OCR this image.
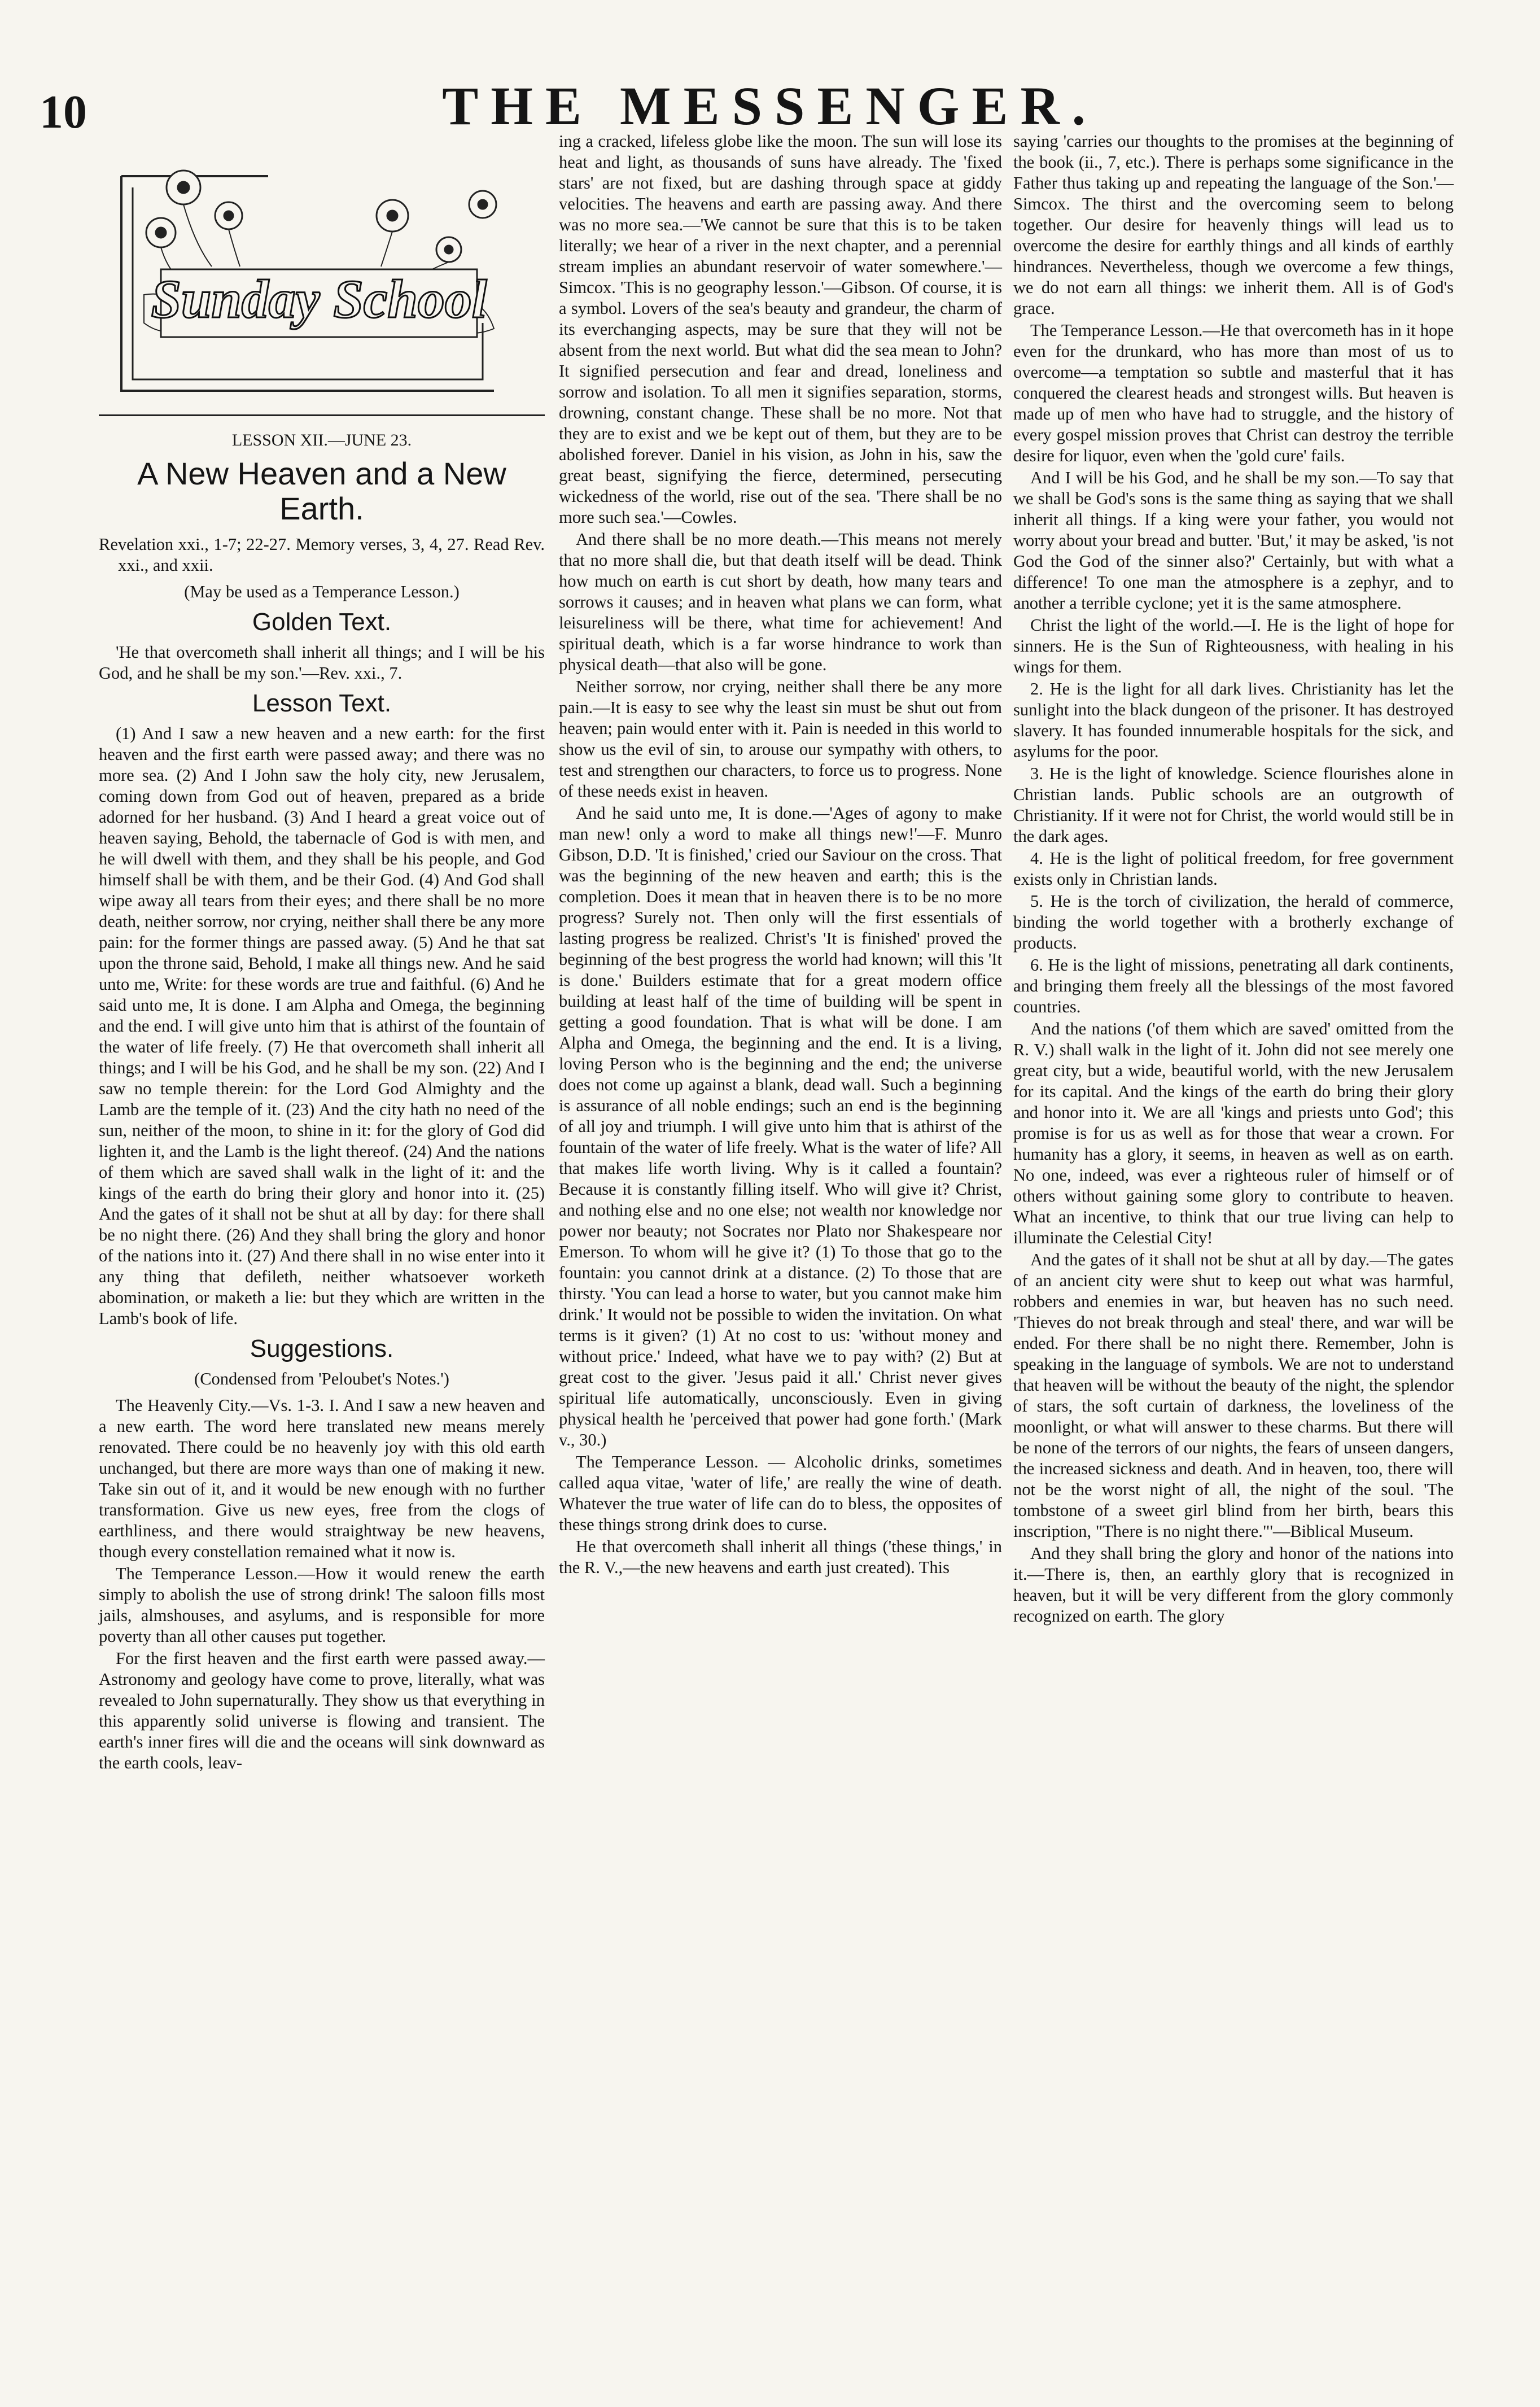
10	THE MESSENGER.
Sunday School
LESSON XII.—JUNE 23.
A New Heaven and a New Earth.
Revelation xxi., 1-7; 22-27. Memory verses, 3, 4, 27. Read Rev. xxi., and xxii.
(May be used as a Temperance Lesson.)
Golden Text.

'He that overcometh shall inherit all things; and I will be his God, and he shall be my son.'—Rev. xxi., 7.

Lesson Text.

(1) And I saw a new heaven and a new earth: for the first heaven and the first earth were passed away; and there was no more sea. (2) And I John saw the holy city, new Jerusalem, coming down from God out of heaven, prepared as a bride adorned for her husband. (3) And I heard a great voice out of heaven saying, Behold, the tabernacle of God is with men, and he will dwell with them, and they shall be his people, and God himself shall be with them, and be their God. (4) And God shall wipe away all tears from their eyes; and there shall be no more death, neither sorrow, nor crying, neither shall there be any more pain: for the former things are passed away. (5) And he that sat upon the throne said, Behold, I make all things new. And he said unto me, Write: for these words are true and faithful. (6) And he said unto me, It is done. I am Alpha and Omega, the beginning and the end. I will give unto him that is athirst of the fountain of the water of life freely. (7) He that overcometh shall inherit all things; and I will be his God, and he shall be my son. (22) And I saw no temple therein: for the Lord God Almighty and the Lamb are the temple of it. (23) And the city hath no need of the sun, neither of the moon, to shine in it: for the glory of God did lighten it, and the Lamb is the light thereof. (24) And the nations of them which are saved shall walk in the light of it: and the kings of the earth do bring their glory and honor into it. (25) And the gates of it shall not be shut at all by day: for there shall be no night there. (26) And they shall bring the glory and honor of the nations into it. (27) And there shall in no wise enter into it any thing that defileth, neither whatsoever worketh abomination, or maketh a lie: but they which are written in the Lamb's book of life.

Suggestions.
(Condensed from 'Peloubet's Notes.')

The Heavenly City.—Vs. 1-3. I. And I saw a new heaven and a new earth. The word here translated new means merely renovated. There could be no heavenly joy with this old earth unchanged, but there are more ways than one of making it new. Take sin out of it, and it would be new enough with no further transformation. Give us new eyes, free from the clogs of earthliness, and there would straightway be new heavens, though every constellation remained what it now is.

The Temperance Lesson.—How it would renew the earth simply to abolish the use of strong drink! The saloon fills most jails, almshouses, and asylums, and is responsible for more poverty than all other causes put together.

For the first heaven and the first earth were passed away.—Astronomy and geology have come to prove, literally, what was revealed to John supernaturally. They show us that everything in this apparently solid universe is flowing and transient. The earth's inner fires will die and the oceans will sink downward as the earth cools, leav-

ing a cracked, lifeless globe like the moon. The sun will lose its heat and light, as thousands of suns have already. The 'fixed stars' are not fixed, but are dashing through space at giddy velocities. The heavens and earth are passing away. And there was no more sea.—'We cannot be sure that this is to be taken literally; we hear of a river in the next chapter, and a perennial stream implies an abundant reservoir of water somewhere.'—Simcox. 'This is no geography lesson.'—Gibson. Of course, it is a symbol. Lovers of the sea's beauty and grandeur, the charm of its everchanging aspects, may be sure that they will not be absent from the next world. But what did the sea mean to John? It signified persecution and fear and dread, loneliness and sorrow and isolation. To all men it signifies separation, storms, drowning, constant change. These shall be no more. Not that they are to exist and we be kept out of them, but they are to be abolished forever. Daniel in his vision, as John in his, saw the great beast, signifying the fierce, determined, persecuting wickedness of the world, rise out of the sea. 'There shall be no more such sea.'—Cowles.

And there shall be no more death.—This means not merely that no more shall die, but that death itself will be dead. Think how much on earth is cut short by death, how many tears and sorrows it causes; and in heaven what plans we can form, what leisureliness will be there, what time for achievement! And spiritual death, which is a far worse hindrance to work than physical death—that also will be gone.

Neither sorrow, nor crying, neither shall there be any more pain.—It is easy to see why the least sin must be shut out from heaven; pain would enter with it. Pain is needed in this world to show us the evil of sin, to arouse our sympathy with others, to test and strengthen our characters, to force us to progress. None of these needs exist in heaven.

And he said unto me, It is done.—'Ages of agony to make man new! only a word to make all things new!'—F. Munro Gibson, D.D. 'It is finished,' cried our Saviour on the cross. That was the beginning of the new heaven and earth; this is the completion. Does it mean that in heaven there is to be no more progress? Surely not. Then only will the first essentials of lasting progress be realized. Christ's 'It is finished' proved the beginning of the best progress the world had known; will this 'It is done.' Builders estimate that for a great modern office building at least half of the time of building will be spent in getting a good foundation. That is what will be done. I am Alpha and Omega, the beginning and the end. It is a living, loving Person who is the beginning and the end; the universe does not come up against a blank, dead wall. Such a beginning is assurance of all noble endings; such an end is the beginning of all joy and triumph. I will give unto him that is athirst of the fountain of the water of life freely. What is the water of life? All that makes life worth living. Why is it called a fountain? Because it is constantly filling itself. Who will give it? Christ, and nothing else and no one else; not wealth nor knowledge nor power nor beauty; not Socrates nor Plato nor Shakespeare nor Emerson. To whom will he give it? (1) To those that go to the fountain: you cannot drink at a distance. (2) To those that are thirsty. 'You can lead a horse to water, but you cannot make him drink.' It would not be possible to widen the invitation. On what terms is it given? (1) At no cost to us: 'without money and without price.' Indeed, what have we to pay with? (2) But at great cost to the giver. 'Jesus paid it all.' Christ never gives spiritual life automatically, unconsciously. Even in giving physical health he 'perceived that power had gone forth.' (Mark v., 30.)

The Temperance Lesson. — Alcoholic drinks, sometimes called aqua vitae, 'water of life,' are really the wine of death. Whatever the true water of life can do to bless, the opposites of these things strong drink does to curse.

He that overcometh shall inherit all things ('these things,' in the R. V.,—the new heavens and earth just created). This

saying 'carries our thoughts to the promises at the beginning of the book (ii., 7, etc.). There is perhaps some significance in the Father thus taking up and repeating the language of the Son.'—Simcox. The thirst and the overcoming seem to belong together. Our desire for heavenly things will lead us to overcome the desire for earthly things and all kinds of earthly hindrances. Nevertheless, though we overcome a few things, we do not earn all things: we inherit them. All is of God's grace.

The Temperance Lesson.—He that overcometh has in it hope even for the drunkard, who has more than most of us to overcome—a temptation so subtle and masterful that it has conquered the clearest heads and strongest wills. But heaven is made up of men who have had to struggle, and the history of every gospel mission proves that Christ can destroy the terrible desire for liquor, even when the 'gold cure' fails.

And I will be his God, and he shall be my son.—To say that we shall be God's sons is the same thing as saying that we shall inherit all things. If a king were your father, you would not worry about your bread and butter. 'But,' it may be asked, 'is not God the God of the sinner also?' Certainly, but with what a difference! To one man the atmosphere is a zephyr, and to another a terrible cyclone; yet it is the same atmosphere.

Christ the light of the world.—I. He is the light of hope for sinners. He is the Sun of Righteousness, with healing in his wings for them.

2. He is the light for all dark lives. Christianity has let the sunlight into the black dungeon of the prisoner. It has destroyed slavery. It has founded innumerable hospitals for the sick, and asylums for the poor.

3. He is the light of knowledge. Science flourishes alone in Christian lands. Public schools are an outgrowth of Christianity. If it were not for Christ, the world would still be in the dark ages.

4. He is the light of political freedom, for free government exists only in Christian lands.

5. He is the torch of civilization, the herald of commerce, binding the world together with a brotherly exchange of products.

6. He is the light of missions, penetrating all dark continents, and bringing them freely all the blessings of the most favored countries.

And the nations ('of them which are saved' omitted from the R. V.) shall walk in the light of it. John did not see merely one great city, but a wide, beautiful world, with the new Jerusalem for its capital. And the kings of the earth do bring their glory and honor into it. We are all 'kings and priests unto God'; this promise is for us as well as for those that wear a crown. For humanity has a glory, it seems, in heaven as well as on earth. No one, indeed, was ever a righteous ruler of himself or of others without gaining some glory to contribute to heaven. What an incentive, to think that our true living can help to illuminate the Celestial City!

And the gates of it shall not be shut at all by day.—The gates of an ancient city were shut to keep out what was harmful, robbers and enemies in war, but heaven has no such need. 'Thieves do not break through and steal' there, and war will be ended. For there shall be no night there. Remember, John is speaking in the language of symbols. We are not to understand that heaven will be without the beauty of the night, the splendor of stars, the soft curtain of darkness, the loveliness of the moonlight, or what will answer to these charms. But there will be none of the terrors of our nights, the fears of unseen dangers, the increased sickness and death. And in heaven, too, there will not be the worst night of all, the night of the soul. 'The tombstone of a sweet girl blind from her birth, bears this inscription, "There is no night there."'—Biblical Museum.

And they shall bring the glory and honor of the nations into it.—There is, then, an earthly glory that is recognized in heaven, but it will be very different from the glory commonly recognized on earth. The glory
